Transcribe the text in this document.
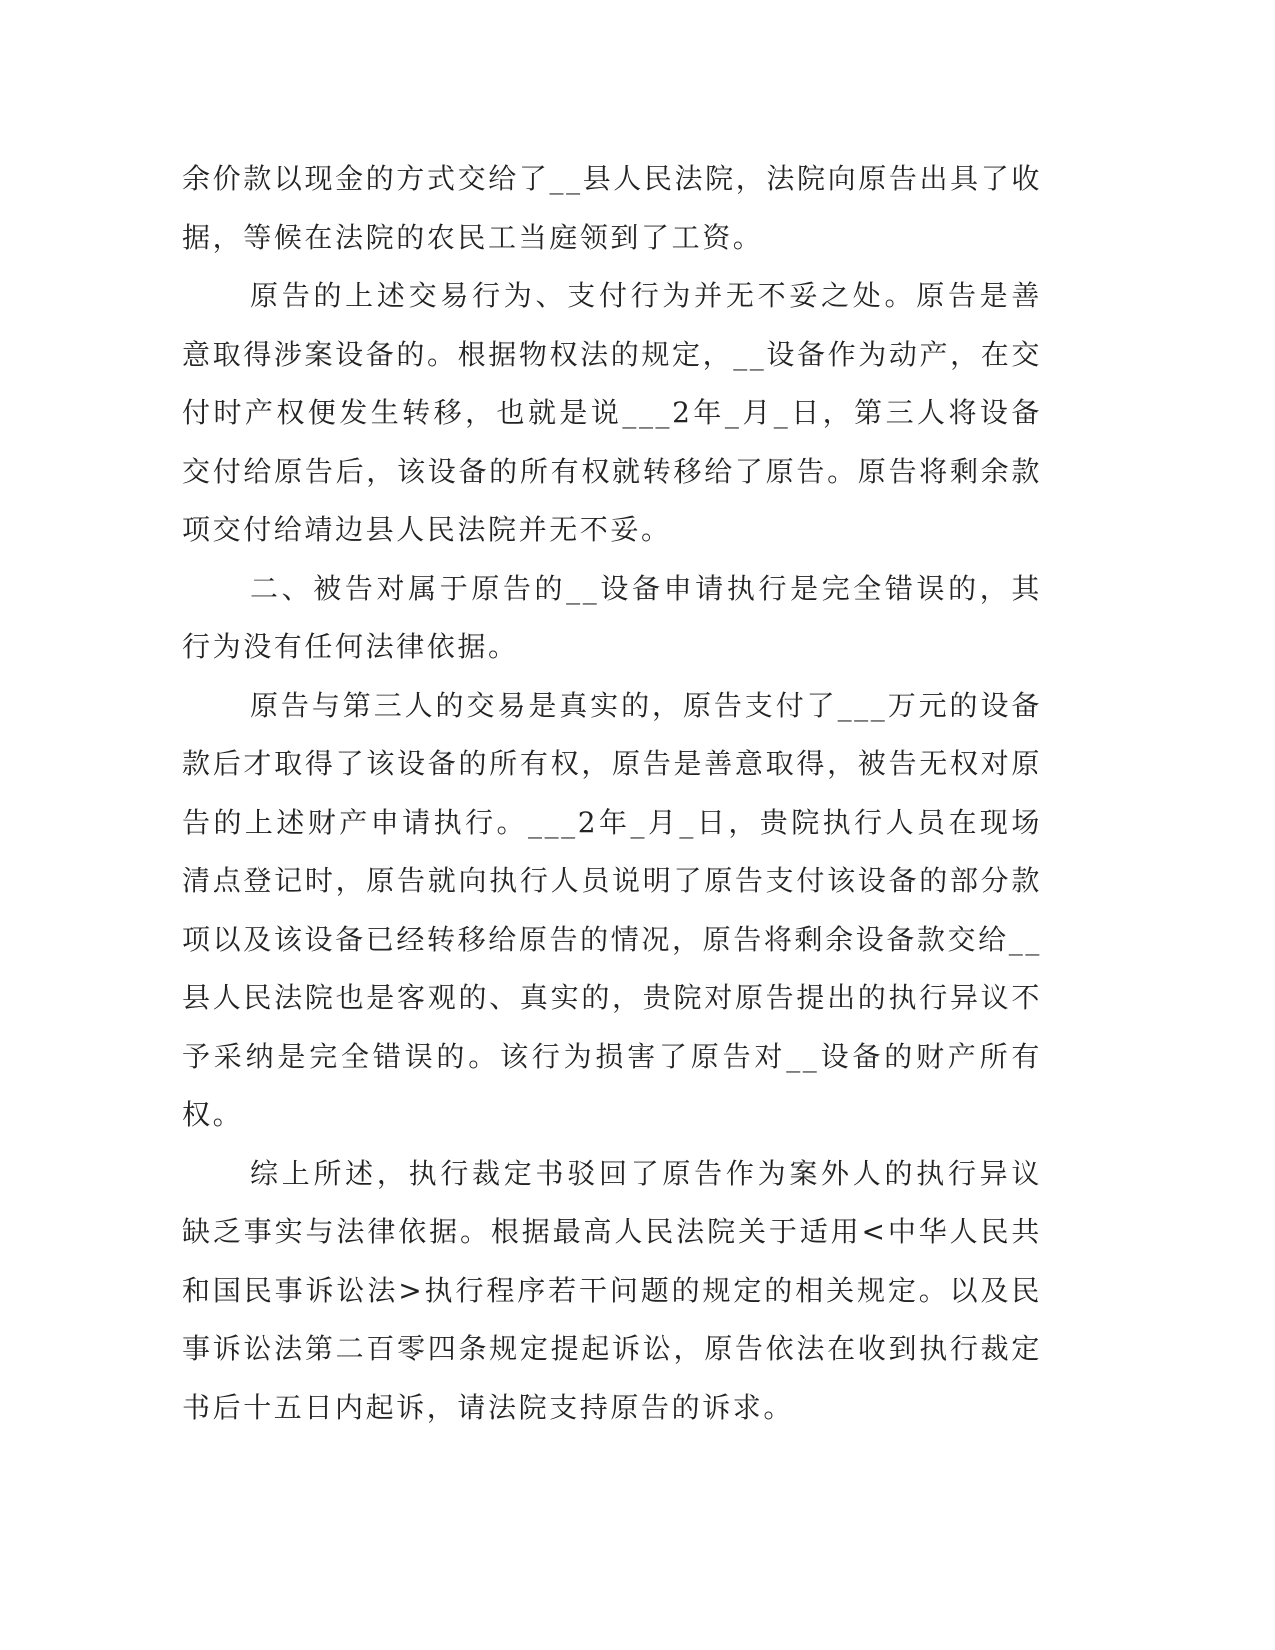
余价款以现金的方式交给了__县人民法院，法院向原告出具了收据，等候在法院的农民工当庭领到了工资。

原告的上述交易行为、支付行为并无不妥之处。原告是善意取得涉案设备的。根据物权法的规定，__设备作为动产，在交付时产权便发生转移，也就是说___2年_月_日，第三人将设备交付给原告后，该设备的所有权就转移给了原告。原告将剩余款项交付给靖边县人民法院并无不妥。

二、被告对属于原告的__设备申请执行是完全错误的，其行为没有任何法律依据。

原告与第三人的交易是真实的，原告支付了___万元的设备款后才取得了该设备的所有权，原告是善意取得，被告无权对原告的上述财产申请执行。___2年_月_日，贵院执行人员在现场清点登记时，原告就向执行人员说明了原告支付该设备的部分款项以及该设备已经转移给原告的情况，原告将剩余设备款交给__县人民法院也是客观的、真实的，贵院对原告提出的执行异议不予采纳是完全错误的。该行为损害了原告对__设备的财产所有权。

综上所述，执行裁定书驳回了原告作为案外人的执行异议缺乏事实与法律依据。根据最高人民法院关于适用<中华人民共和国民事诉讼法>执行程序若干问题的规定的相关规定。以及民事诉讼法第二百零四条规定提起诉讼，原告依法在收到执行裁定书后十五日内起诉，请法院支持原告的诉求。
